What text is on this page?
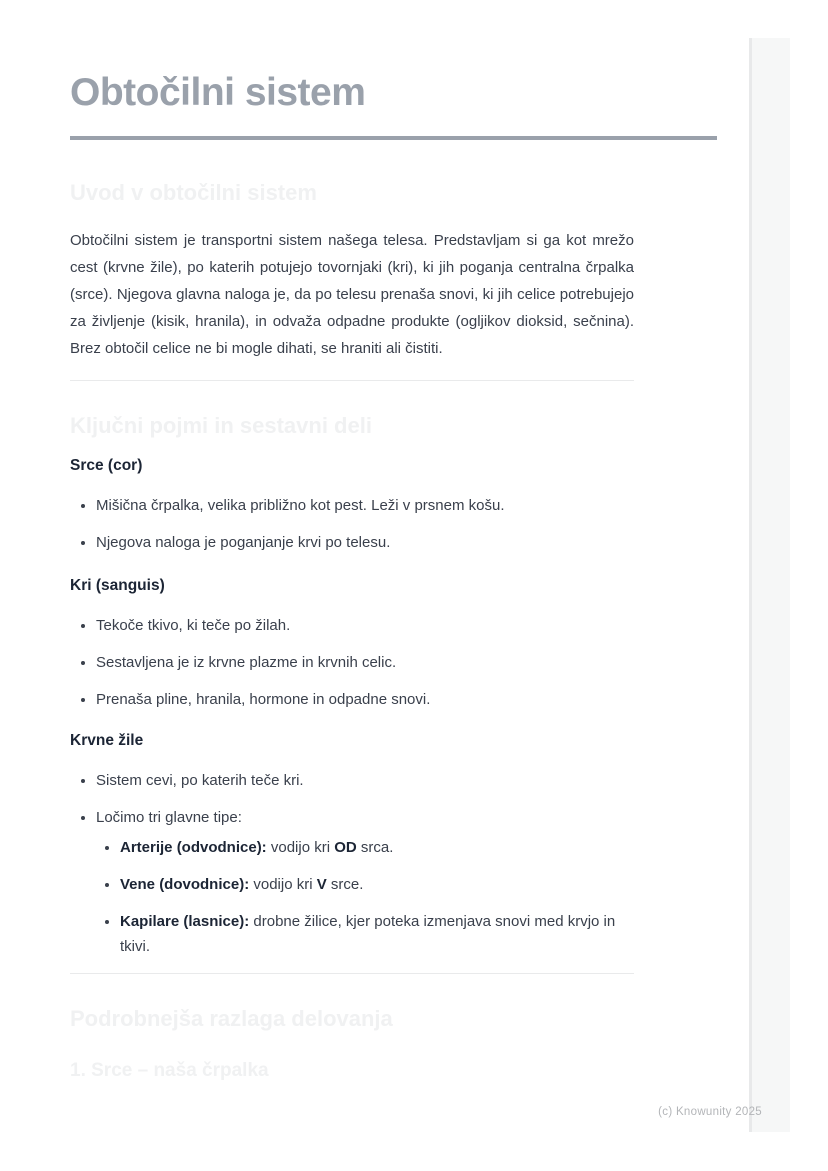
Obtočilni sistem
Uvod v obtočilni sistem

Obtočilni sistem je transportni sistem našega telesa. Predstavljam si ga kot mrežo cest (krvne žile), po katerih potujejo tovornjaki (kri), ki jih poganja centralna črpalka (srce). Njegova glavna naloga je, da po telesu prenaša snovi, ki jih celice potrebujejo za življenje (kisik, hranila), in odvaža odpadne produkte (ogljikov dioksid, sečnina). Brez obtočil celice ne bi mogle dihati, se hraniti ali čistiti.

Ključni pojmi in sestavni deli
Srce (cor)
• Mišična črpalka, velika približno kot pest. Leži v prsnem košu.
• Njegova naloga je poganjanje krvi po telesu.
Kri (sanguis)
• Tekoče tkivo, ki teče po žilah.
• Sestavljena je iz krvne plazme in krvnih celic.
• Prenaša pline, hranila, hormone in odpadne snovi.
Krvne žile
• Sistem cevi, po katerih teče kri.
• Ločimo tri glavne tipe:
• Arterije (odvodnice): vodijo kri OD srca.
• Vene (dovodnice): vodijo kri V srce.
• Kapilare (lasnice): drobne žilice, kjer poteka izmenjava snovi med krvjo in tkivi.
Podrobnejša razlaga delovanja
1. Srce – naša črpalka
(c) Knowunity 2025
